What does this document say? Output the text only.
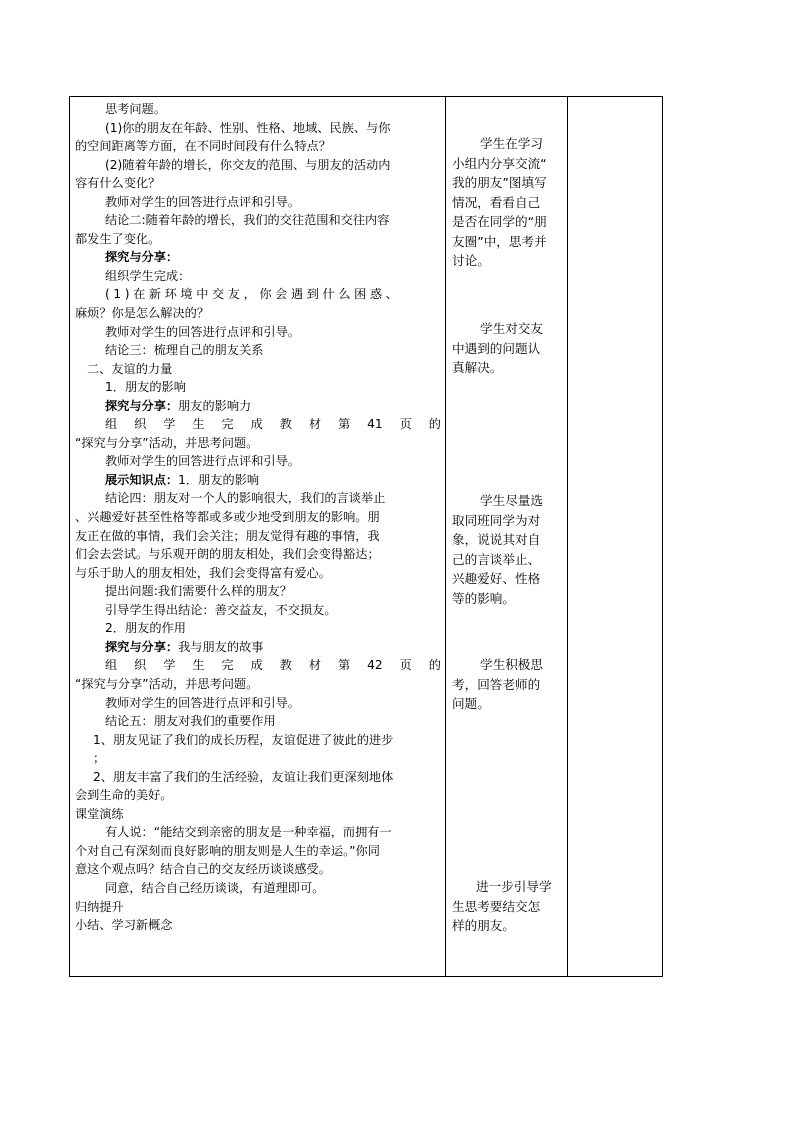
思考问题。
(1)你的朋友在年龄、性别、性格、地域、民族、与你
的空间距离等方面，在不同时间段有什么特点？
(2)随着年龄的增长，你交友的范围、与朋友的活动内
容有什么变化？
教师对学生的回答进行点评和引导。
结论二:随着年龄的增长，我们的交往范围和交往内容
都发生了变化。
探究与分享：
组织学生完成：
(1)在新环境中交友，你会遇到什么困惑、
麻烦？你是怎么解决的？
教师对学生的回答进行点评和引导。
结论三：梳理自己的朋友关系
二、友谊的力量
1．朋友的影响
探究与分享：朋友的影响力
组 织 学 生 完 成 教 材 第 41 页 的
“探究与分享”活动，并思考问题。
教师对学生的回答进行点评和引导。
展示知识点：1．朋友的影响
结论四：朋友对一个人的影响很大，我们的言谈举止
、兴趣爱好甚至性格等都或多或少地受到朋友的影响。朋
友正在做的事情，我们会关注；朋友觉得有趣的事情，我
们会去尝试。与乐观开朗的朋友相处，我们会变得豁达；
与乐于助人的朋友相处，我们会变得富有爱心。
提出问题:我们需要什么样的朋友？
引导学生得出结论：善交益友，不交损友。
2．朋友的作用
探究与分享：我与朋友的故事
组 织 学 生 完 成 教 材 第 42 页 的
“探究与分享”活动，并思考问题。
教师对学生的回答进行点评和引导。
结论五：朋友对我们的重要作用
1、朋友见证了我们的成长历程，友谊促进了彼此的进步
；
2、朋友丰富了我们的生活经验，友谊让我们更深刻地体
会到生命的美好。
课堂演练
有人说：“能结交到亲密的朋友是一种幸福，而拥有一
个对自己有深刻而良好影响的朋友则是人生的幸运。”你同
意这个观点吗？结合自己的交友经历谈谈感受。
同意，结合自己经历谈谈，有道理即可。
归纳提升
小结、学习新概念
学生在学习
小组内分享交流“
我的朋友”图填写
情况，看看自己
是否在同学的“朋
友圈”中，思考并
讨论。
学生对交友
中遇到的问题认
真解决。
学生尽量选
取同班同学为对
象，说说其对自
己的言谈举止、
兴趣爱好、性格
等的影响。
学生积极思
考，回答老师的
问题。
进一步引导学
生思考要结交怎
样的朋友。
